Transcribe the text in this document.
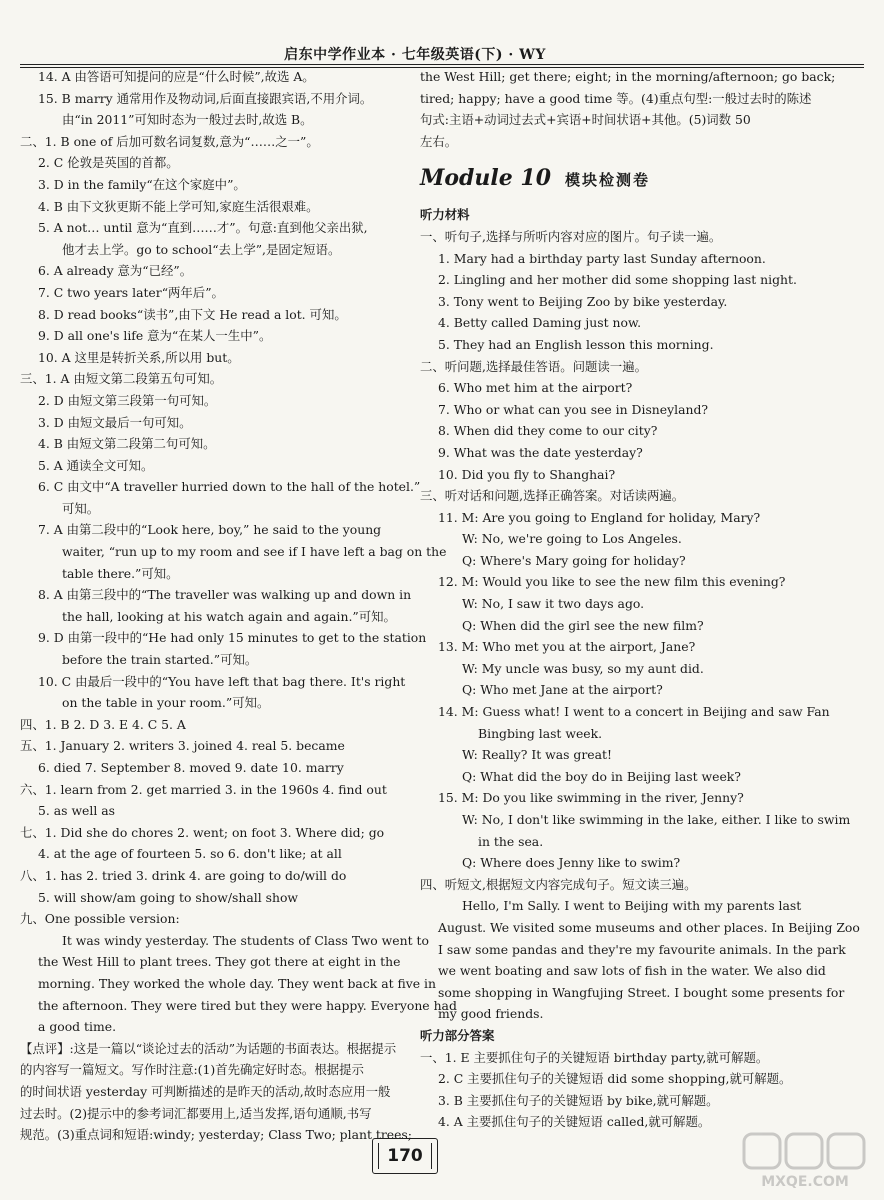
启东中学作业本 · 七年级英语(下) · WY
14. A 由答语可知提问的应是“什么时候”,故选 A。
15. B marry 通常用作及物动词,后面直接跟宾语,不用介词。
由“in 2011”可知时态为一般过去时,故选 B。
二、1. B one of 后加可数名词复数,意为“……之一”。
2. C 伦敦是英国的首都。
3. D in the family“在这个家庭中”。
4. B 由下文狄更斯不能上学可知,家庭生活很艰难。
5. A not… until 意为“直到……才”。句意:直到他父亲出狱,
他才去上学。go to school“去上学”,是固定短语。
6. A already 意为“已经”。
7. C two years later“两年后”。
8. D read books“读书”,由下文 He read a lot. 可知。
9. D all one's life 意为“在某人一生中”。
10. A 这里是转折关系,所以用 but。
三、1. A 由短文第二段第五句可知。
2. D 由短文第三段第一句可知。
3. D 由短文最后一句可知。
4. B 由短文第二段第二句可知。
5. A 通读全文可知。
6. C 由文中“A traveller hurried down to the hall of the hotel.”
可知。
7. A 由第二段中的“Look here, boy,” he said to the young
waiter, “run up to my room and see if I have left a bag on the
table there.”可知。
8. A 由第三段中的“The traveller was walking up and down in
the hall, looking at his watch again and again.”可知。
9. D 由第一段中的“He had only 15 minutes to get to the station
before the train started.”可知。
10. C 由最后一段中的“You have left that bag there. It's right
on the table in your room.”可知。
四、1. B 2. D 3. E 4. C 5. A
五、1. January 2. writers 3. joined 4. real 5. became
6. died 7. September 8. moved 9. date 10. marry
六、1. learn from 2. get married 3. in the 1960s 4. find out
5. as well as
七、1. Did she do chores 2. went; on foot 3. Where did; go
4. at the age of fourteen 5. so 6. don't like; at all
八、1. has 2. tried 3. drink 4. are going to do/will do
5. will show/am going to show/shall show
九、One possible version:
It was windy yesterday. The students of Class Two went to
the West Hill to plant trees. They got there at eight in the
morning. They worked the whole day. They went back at five in
the afternoon. They were tired but they were happy. Everyone had
a good time.
【点评】:这是一篇以“谈论过去的活动”为话题的书面表达。根据提示
的内容写一篇短文。写作时注意:(1)首先确定好时态。根据提示
的时间状语 yesterday 可判断描述的是昨天的活动,故时态应用一般
过去时。(2)提示中的参考词汇都要用上,适当发挥,语句通顺,书写
规范。(3)重点词和短语:windy; yesterday; Class Two; plant trees;
the West Hill; get there; eight; in the morning/afternoon; go back;
tired; happy; have a good time 等。(4)重点句型:一般过去时的陈述
句式:主语+动词过去式+宾语+时间状语+其他。(5)词数 50
左右。
Module 10 模块检测卷
听力材料
一、听句子,选择与所听内容对应的图片。句子读一遍。
1. Mary had a birthday party last Sunday afternoon.
2. Lingling and her mother did some shopping last night.
3. Tony went to Beijing Zoo by bike yesterday.
4. Betty called Daming just now.
5. They had an English lesson this morning.
二、听问题,选择最佳答语。问题读一遍。
6. Who met him at the airport?
7. Who or what can you see in Disneyland?
8. When did they come to our city?
9. What was the date yesterday?
10. Did you fly to Shanghai?
三、听对话和问题,选择正确答案。对话读两遍。
11. M: Are you going to England for holiday, Mary?
W: No, we're going to Los Angeles.
Q: Where's Mary going for holiday?
12. M: Would you like to see the new film this evening?
W: No, I saw it two days ago.
Q: When did the girl see the new film?
13. M: Who met you at the airport, Jane?
W: My uncle was busy, so my aunt did.
Q: Who met Jane at the airport?
14. M: Guess what! I went to a concert in Beijing and saw Fan
Bingbing last week.
W: Really? It was great!
Q: What did the boy do in Beijing last week?
15. M: Do you like swimming in the river, Jenny?
W: No, I don't like swimming in the lake, either. I like to swim
in the sea.
Q: Where does Jenny like to swim?
四、听短文,根据短文内容完成句子。短文读三遍。
Hello, I'm Sally. I went to Beijing with my parents last
August. We visited some museums and other places. In Beijing Zoo
I saw some pandas and they're my favourite animals. In the park
we went boating and saw lots of fish in the water. We also did
some shopping in Wangfujing Street. I bought some presents for
my good friends.
听力部分答案
一、1. E 主要抓住句子的关键短语 birthday party,就可解题。
2. C 主要抓住句子的关键短语 did some shopping,就可解题。
3. B 主要抓住句子的关键短语 by bike,就可解题。
4. A 主要抓住句子的关键短语 called,就可解题。
170
MXQE.COM
